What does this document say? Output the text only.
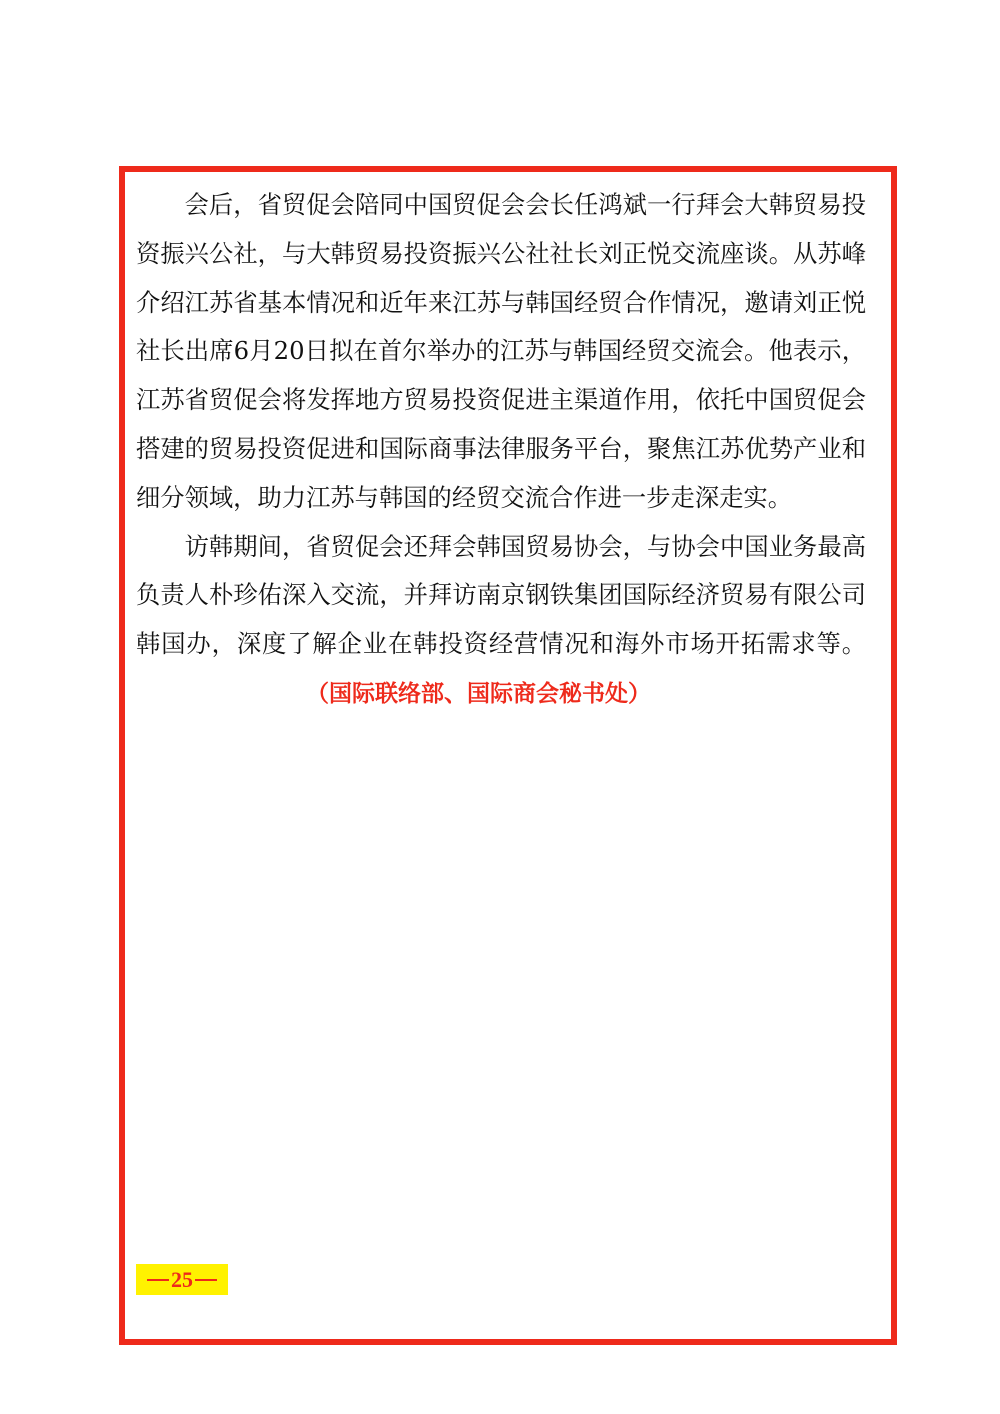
会后，省贸促会陪同中国贸促会会长任鸿斌一行拜会大韩贸易投资振兴公社，与大韩贸易投资振兴公社社长刘正悦交流座谈。从苏峰介绍江苏省基本情况和近年来江苏与韩国经贸合作情况，邀请刘正悦社长出席6月20日拟在首尔举办的江苏与韩国经贸交流会。他表示，江苏省贸促会将发挥地方贸易投资促进主渠道作用，依托中国贸促会搭建的贸易投资促进和国际商事法律服务平台，聚焦江苏优势产业和细分领域，助力江苏与韩国的经贸交流合作进一步走深走实。

访韩期间，省贸促会还拜会韩国贸易协会，与协会中国业务最高负责人朴珍佑深入交流，并拜访南京钢铁集团国际经济贸易有限公司韩国办，深度了解企业在韩投资经营情况和海外市场开拓需求等。（国际联络部、国际商会秘书处）

25
